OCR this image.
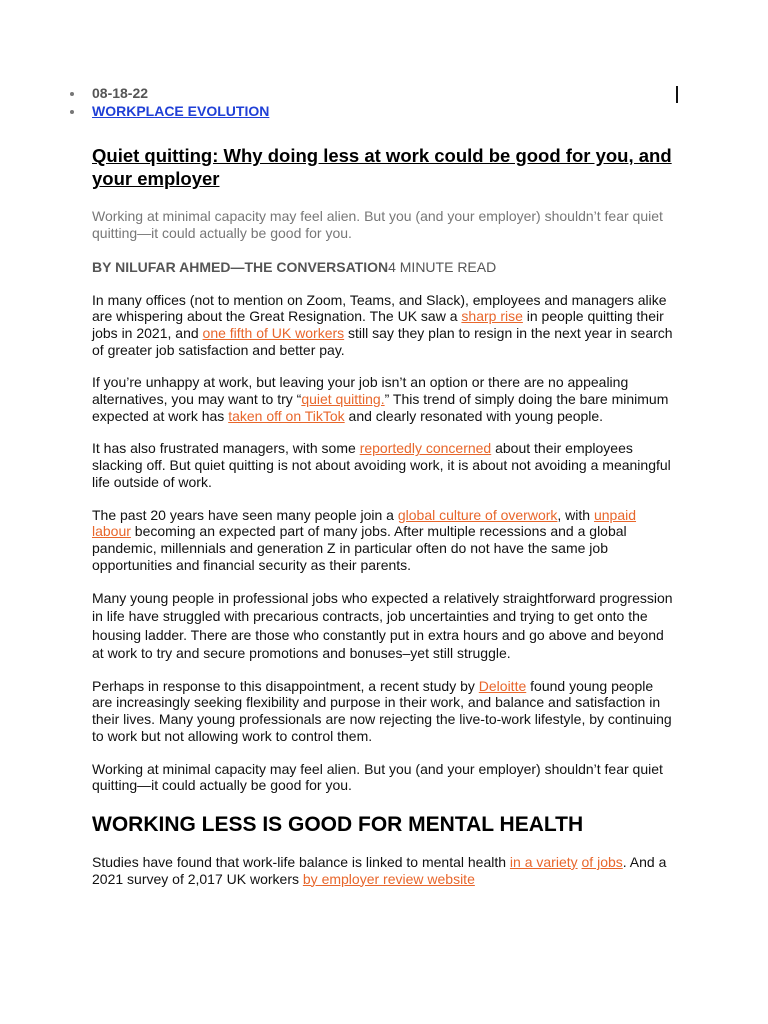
08-18-22
WORKPLACE EVOLUTION
Quiet quitting: Why doing less at work could be good for you, and your employer

Working at minimal capacity may feel alien. But you (and your employer) shouldn’t fear quiet quitting—it could actually be good for you.

BY NILUFAR AHMED—THE CONVERSATION4 MINUTE READ

In many offices (not to mention on Zoom, Teams, and Slack), employees and managers alike are whispering about the Great Resignation. The UK saw a sharp rise in people quitting their jobs in 2021, and one fifth of UK workers still say they plan to resign in the next year in search of greater job satisfaction and better pay.

If you’re unhappy at work, but leaving your job isn’t an option or there are no appealing alternatives, you may want to try “quiet quitting.” This trend of simply doing the bare minimum expected at work has taken off on TikTok and clearly resonated with young people.

It has also frustrated managers, with some reportedly concerned about their employees slacking off. But quiet quitting is not about avoiding work, it is about not avoiding a meaningful life outside of work.

The past 20 years have seen many people join a global culture of overwork, with unpaid labour becoming an expected part of many jobs. After multiple recessions and a global pandemic, millennials and generation Z in particular often do not have the same job opportunities and financial security as their parents.

Many young people in professional jobs who expected a relatively straightforward progression in life have struggled with precarious contracts, job uncertainties and trying to get onto the housing ladder. There are those who constantly put in extra hours and go above and beyond at work to try and secure promotions and bonuses–yet still struggle.

Perhaps in response to this disappointment, a recent study by Deloitte found young people are increasingly seeking flexibility and purpose in their work, and balance and satisfaction in their lives. Many young professionals are now rejecting the live-to-work lifestyle, by continuing to work but not allowing work to control them.

Working at minimal capacity may feel alien. But you (and your employer) shouldn’t fear quiet quitting—it could actually be good for you.

WORKING LESS IS GOOD FOR MENTAL HEALTH

Studies have found that work-life balance is linked to mental health in a variety of jobs. And a 2021 survey of 2,017 UK workers by employer review website
